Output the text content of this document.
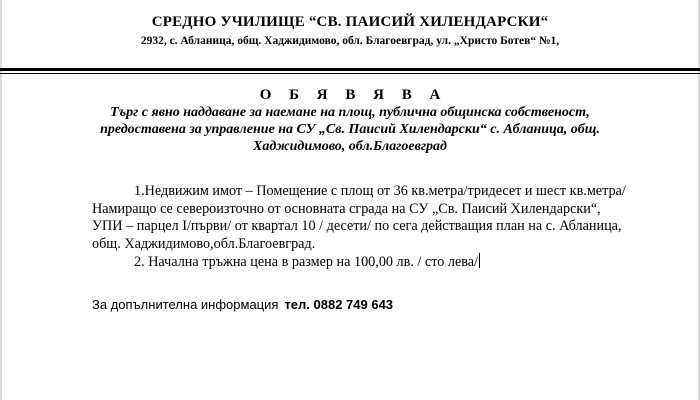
СРЕДНО УЧИЛИЩЕ “СВ. ПАИСИЙ ХИЛЕНДАРСКИ“
2932, с. Абланица, общ. Хаджидимово, обл. Благоевград, ул. „Христо Ботев“ №1,
О Б Я В Я В А
Търг с явно наддаване за наемане на площ, публична общинска собственост,
предоставена за управление на СУ „Св. Паисий Хилендарски“ с. Абланица, общ.
Хаджидимово, обл.Благоевград
1.Недвижим имот – Помещение с площ от 36 кв.метра/тридесет и шест кв.метра/
Намиращо се североизточно от основната сграда на СУ „Св. Паисий Хилендарски“,
УПИ – парцел I/първи/ от квартал 10 / десети/ по сега действащия план на с. Абланица,
общ. Хаджидимово,обл.Благоевград.
2. Начална тръжна цена в размер на 100,00 лв. / сто лева/
За допълнителна информация тел. 0882 749 643
